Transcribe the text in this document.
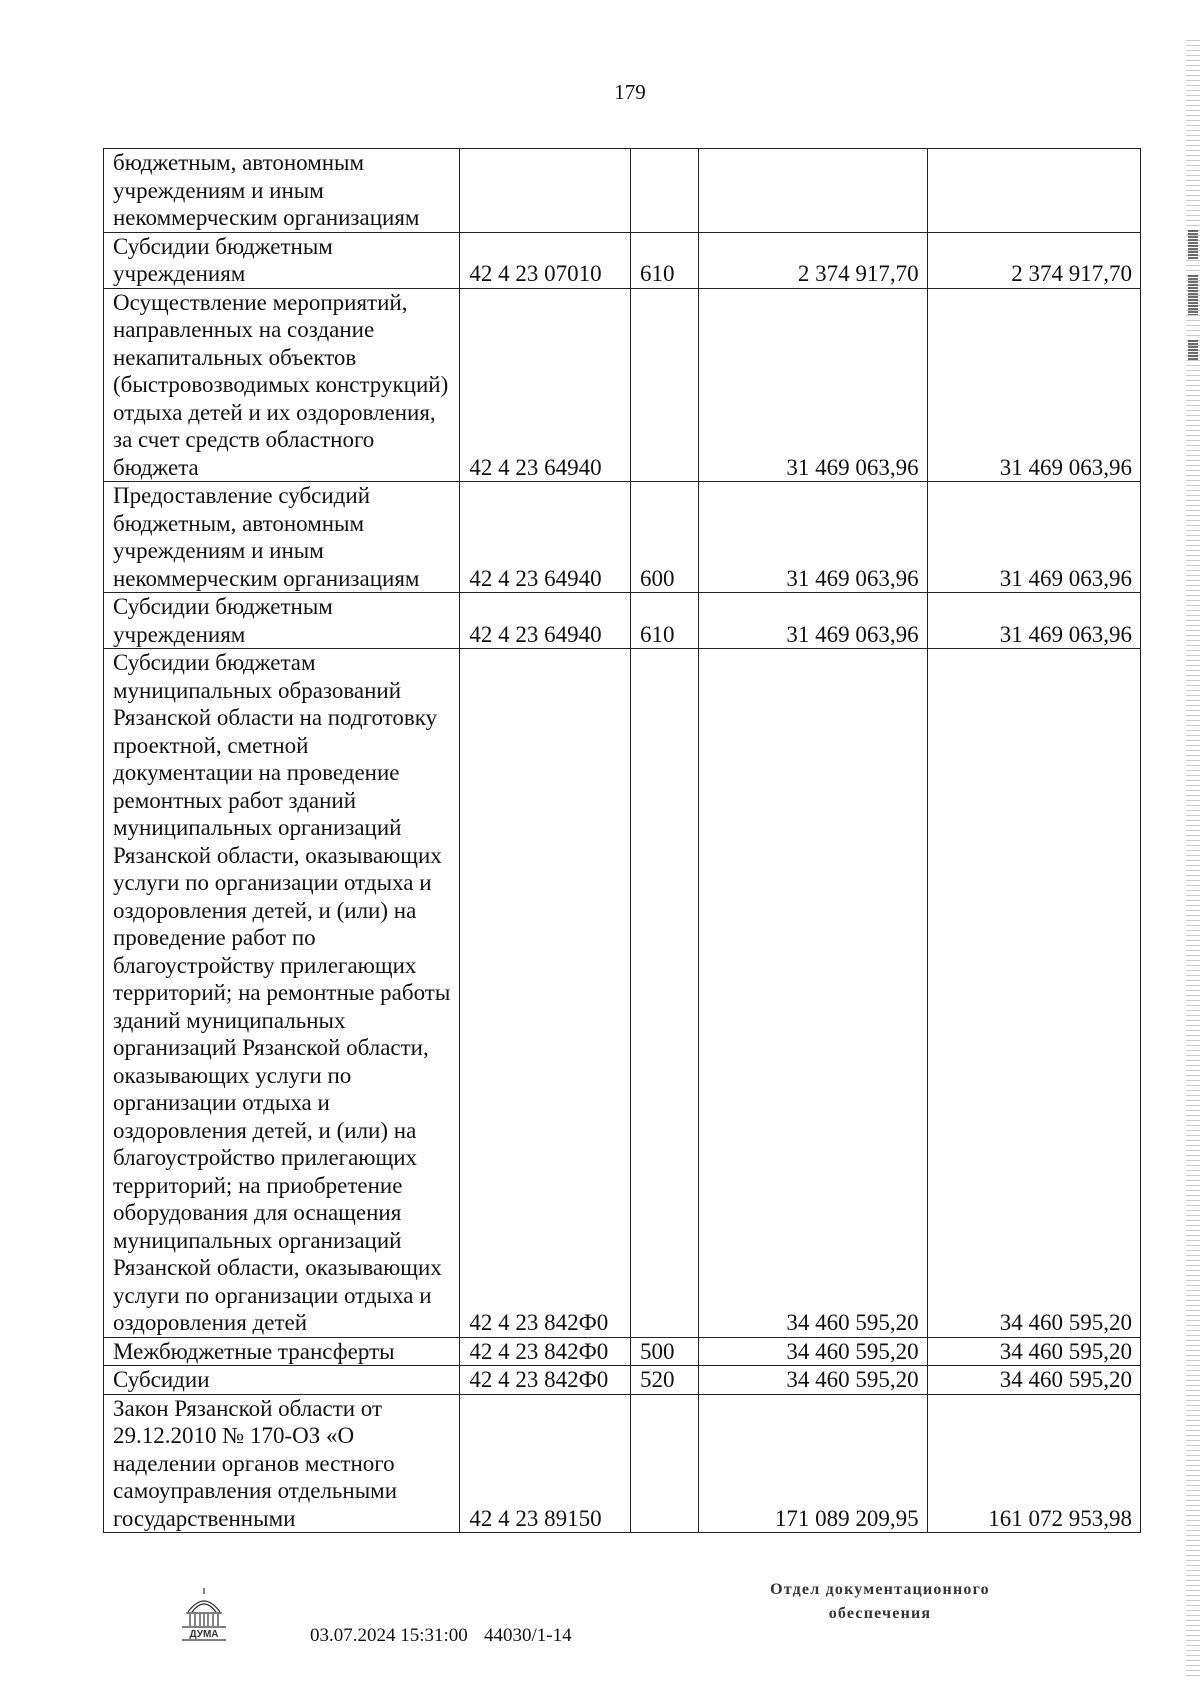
179
бюджетным, автономным учреждениям и иным некоммерческим организациям				
Субсидии бюджетным учреждениям	42 4 23 07010	610	2 374 917,70	2 374 917,70
Осуществление мероприятий, направленных на создание некапитальных объектов (быстровозводимых конструкций) отдыха детей и их оздоровления, за счет средств областного бюджета	42 4 23 64940		31 469 063,96	31 469 063,96
Предоставление субсидий бюджетным, автономным учреждениям и иным некоммерческим организациям	42 4 23 64940	600	31 469 063,96	31 469 063,96
Субсидии бюджетным учреждениям	42 4 23 64940	610	31 469 063,96	31 469 063,96
Субсидии бюджетам муниципальных образований Рязанской области на подготовку проектной, сметной документации на проведение ремонтных работ зданий муниципальных организаций Рязанской области, оказывающих услуги по организации отдыха и оздоровления детей, и (или) на проведение работ по благоустройству прилегающих территорий; на ремонтные работы зданий муниципальных организаций Рязанской области, оказывающих услуги по организации отдыха и оздоровления детей, и (или) на благоустройство прилегающих территорий; на приобретение оборудования для оснащения муниципальных организаций Рязанской области, оказывающих услуги по организации отдыха и оздоровления детей	42 4 23 842Ф0		34 460 595,20	34 460 595,20
Межбюджетные трансферты	42 4 23 842Ф0	500	34 460 595,20	34 460 595,20
Субсидии	42 4 23 842Ф0	520	34 460 595,20	34 460 595,20
Закон Рязанской области от 29.12.2010 № 170-ОЗ «О наделении органов местного самоуправления отдельными государственными	42 4 23 89150		171 089 209,95	161 072 953,98
ДУМА	03.07.2024 15:31:00 44030/1-14
Отдел документационного
обеспечения
